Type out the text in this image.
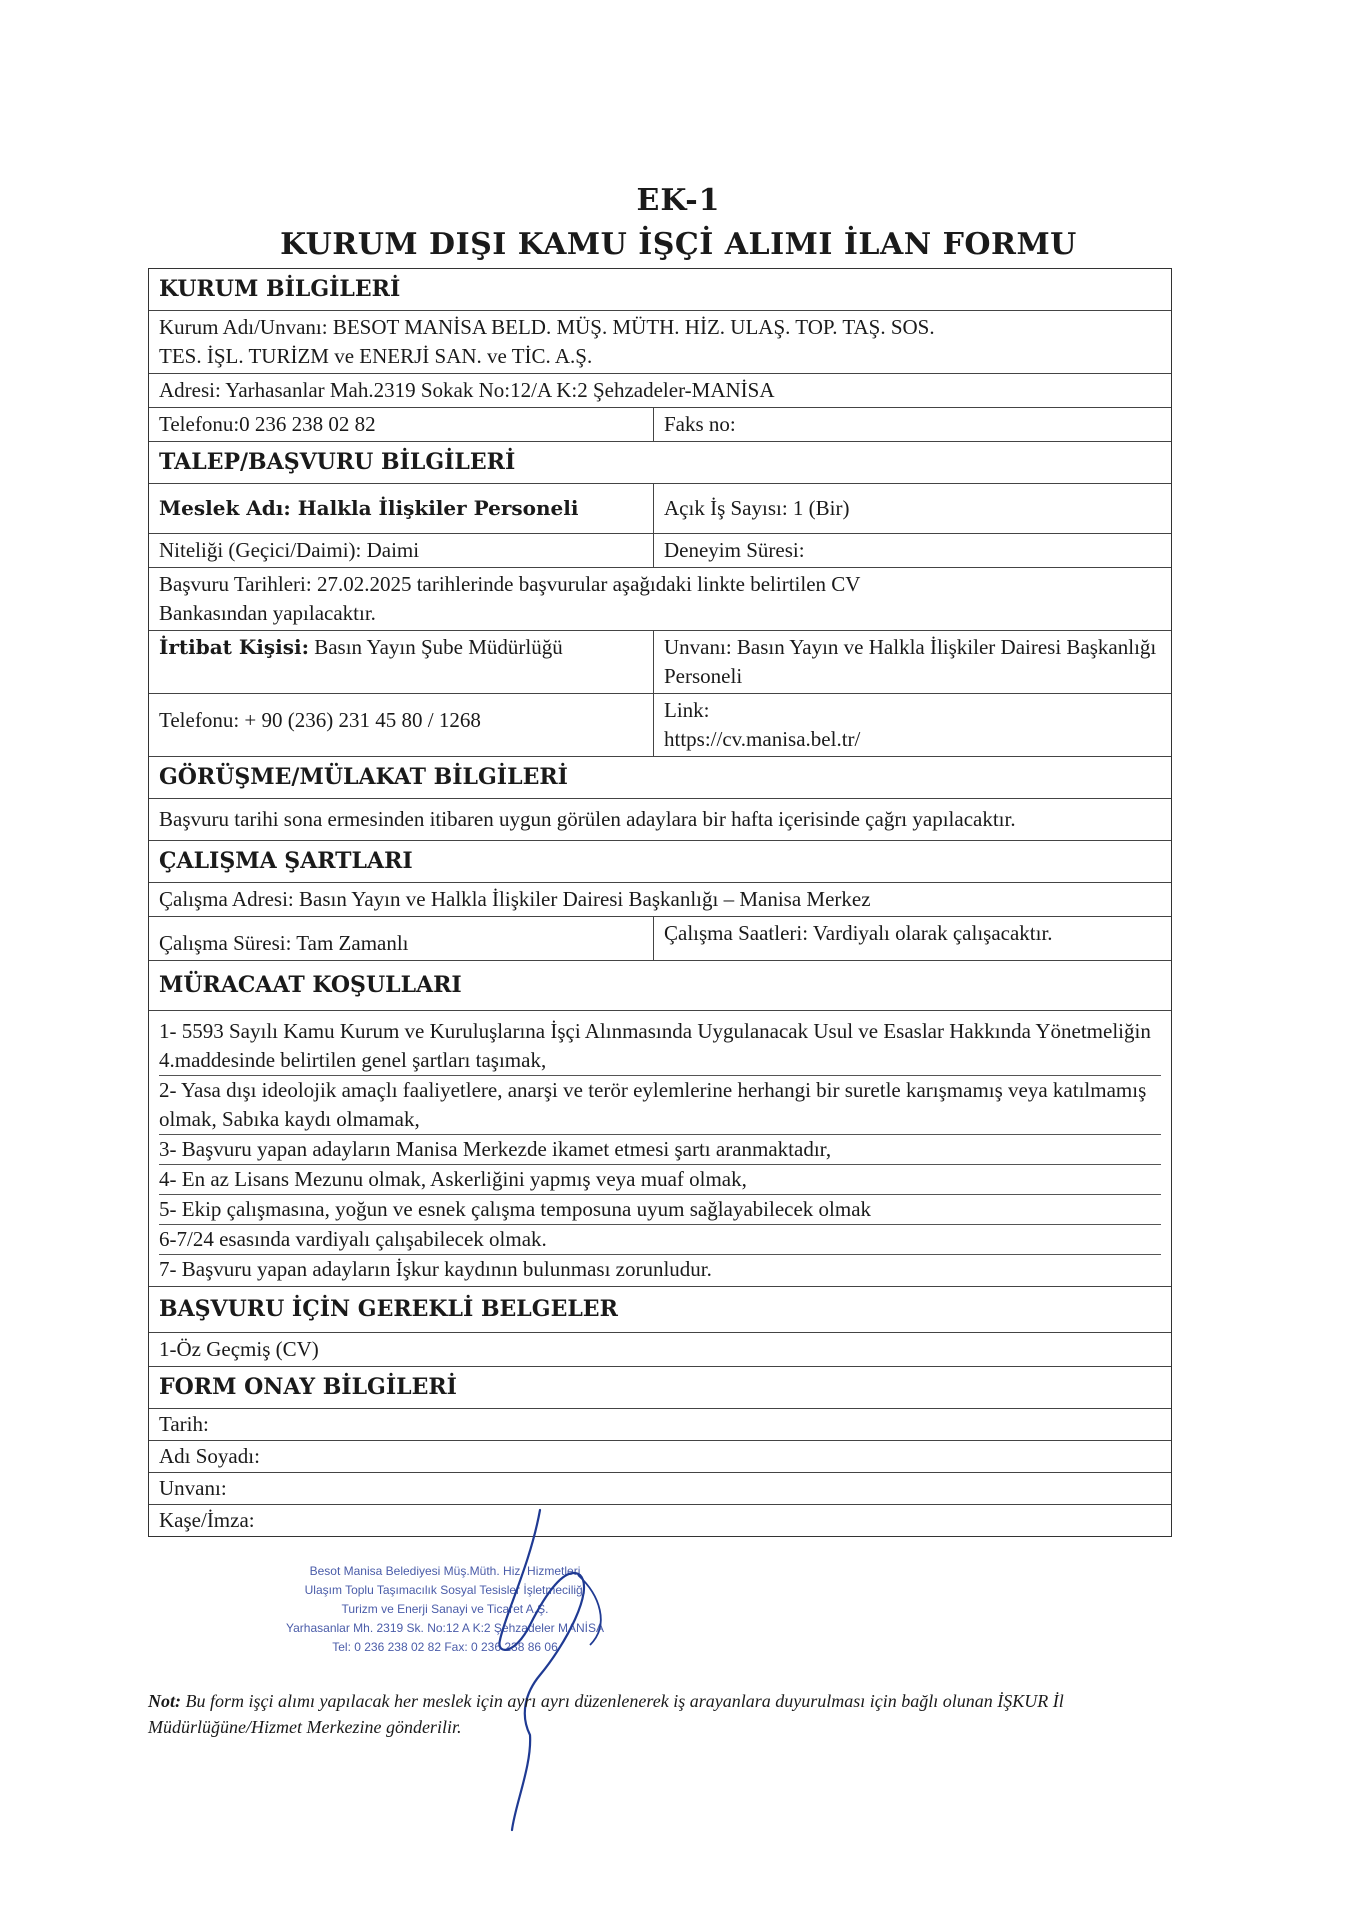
EK-1
KURUM DIŞI KAMU İŞÇİ ALIMI İLAN FORMU
KURUM BİLGİLERİ
Kurum Adı/Unvanı: BESOT MANİSA BELD. MÜŞ. MÜTH. HİZ. ULAŞ. TOP. TAŞ. SOS.
TES. İŞL. TURİZM ve ENERJİ SAN. ve TİC. A.Ş.
Adresi: Yarhasanlar Mah.2319 Sokak No:12/A K:2 Şehzadeler-MANİSA
Telefonu:0 236 238 02 82	Faks no:
TALEP/BAŞVURU BİLGİLERİ
Meslek Adı: Halkla İlişkiler Personeli	Açık İş Sayısı: 1 (Bir)
Niteliği (Geçici/Daimi): Daimi	Deneyim Süresi:
Başvuru Tarihleri: 27.02.2025 tarihlerinde başvurular aşağıdaki linkte belirtilen CV
Bankasından yapılacaktır.
İrtibat Kişisi: Basın Yayın Şube Müdürlüğü	Unvanı: Basın Yayın ve Halkla İlişkiler Dairesi Başkanlığı Personeli
Telefonu: + 90 (236) 231 45 80 / 1268	Link:
https://cv.manisa.bel.tr/
GÖRÜŞME/MÜLAKAT BİLGİLERİ
Başvuru tarihi sona ermesinden itibaren uygun görülen adaylara bir hafta içerisinde çağrı yapılacaktır.
ÇALIŞMA ŞARTLARI
Çalışma Adresi: Basın Yayın ve Halkla İlişkiler Dairesi Başkanlığı – Manisa Merkez
Çalışma Süresi: Tam Zamanlı	Çalışma Saatleri: Vardiyalı olarak çalışacaktır.
MÜRACAAT KOŞULLARI
1- 5593 Sayılı Kamu Kurum ve Kuruluşlarına İşçi Alınmasında Uygulanacak Usul ve Esaslar Hakkında Yönetmeliğin 4.maddesinde belirtilen genel şartları taşımak,
2- Yasa dışı ideolojik amaçlı faaliyetlere, anarşi ve terör eylemlerine herhangi bir suretle karışmamış veya katılmamış olmak, Sabıka kaydı olmamak,
3- Başvuru yapan adayların Manisa Merkezde ikamet etmesi şartı aranmaktadır,
4- En az Lisans Mezunu olmak, Askerliğini yapmış veya muaf olmak,
5- Ekip çalışmasına, yoğun ve esnek çalışma temposuna uyum sağlayabilecek olmak
6-7/24 esasında vardiyalı çalışabilecek olmak.
7- Başvuru yapan adayların İşkur kaydının bulunması zorunludur.
BAŞVURU İÇİN GEREKLİ BELGELER
1-Öz Geçmiş (CV)
FORM ONAY BİLGİLERİ
Tarih:
Adı Soyadı:
Unvanı:
Kaşe/İmza:
Besot Manisa Belediyesi Müş.Müth. Hiz. Hizmetleri
Ulaşım Toplu Taşımacılık Sosyal Tesisler İşletmeciliği
Turizm ve Enerji Sanayi ve Ticaret A.Ş.
Yarhasanlar Mh. 2319 Sk. No:12 A K:2 Şehzadeler MANİSA
Tel: 0 236 238 02 82 Fax: 0 236 238 86 06
Not: Bu form işçi alımı yapılacak her meslek için ayrı ayrı düzenlenerek iş arayanlara duyurulması için bağlı olunan İŞKUR İl Müdürlüğüne/Hizmet Merkezine gönderilir.
